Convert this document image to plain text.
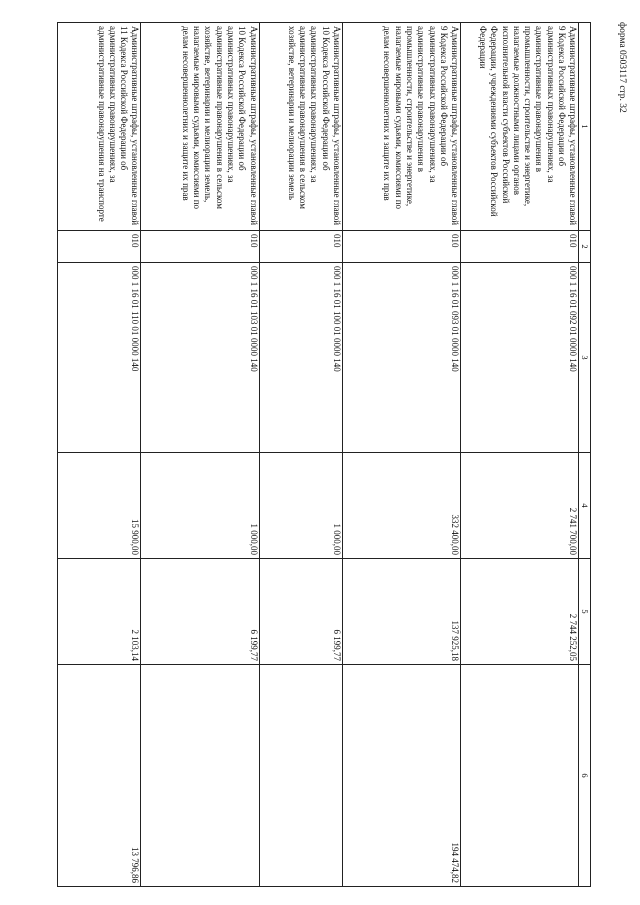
форма 0503117 стр. 32
1	2	3	4	5	6
Административные штрафы, установленные главой 9 Кодекса Российской Федерации об административных правонарушениях, за административные правонарушения в промышленности, строительстве и энергетике, налагаемые должностными лицами органов исполнительной власти субъектов Российской Федерации, учреждениями субъектов Российской Федерации	010	000 1 16 01 092 01 0000 140	2 741 700,00	2 744 252,05	
Административные штрафы, установленные главой 9 Кодекса Российской Федерации об административных правонарушениях, за административные правонарушения в промышленности, строительстве и энергетике, налагаемые мировыми судьями, комиссиями по делам несовершеннолетних и защите их прав	010	000 1 16 01 093 01 0000 140	332 400,00	137 925,18	194 474,82
Административные штрафы, установленные главой 10 Кодекса Российской Федерации об административных правонарушениях, за административные правонарушения в сельском хозяйстве, ветеринарии и мелиорации земель	010	000 1 16 01 100 01 0000 140	1 000,00	6 199,77	
Административные штрафы, установленные главой 10 Кодекса Российской Федерации об административных правонарушениях, за административные правонарушения в сельском хозяйстве, ветеринарии и мелиорации земель, налагаемые мировыми судьями, комиссиями по делам несовершеннолетних и защите их прав	010	000 1 16 01 103 01 0000 140	1 000,00	6 199,77	
Административные штрафы, установленные главой 11 Кодекса Российской Федерации об административных правонарушениях, за административные правонарушения на транспорте	010	000 1 16 01 110 01 0000 140	15 900,00	2 103,14	13 796,86
